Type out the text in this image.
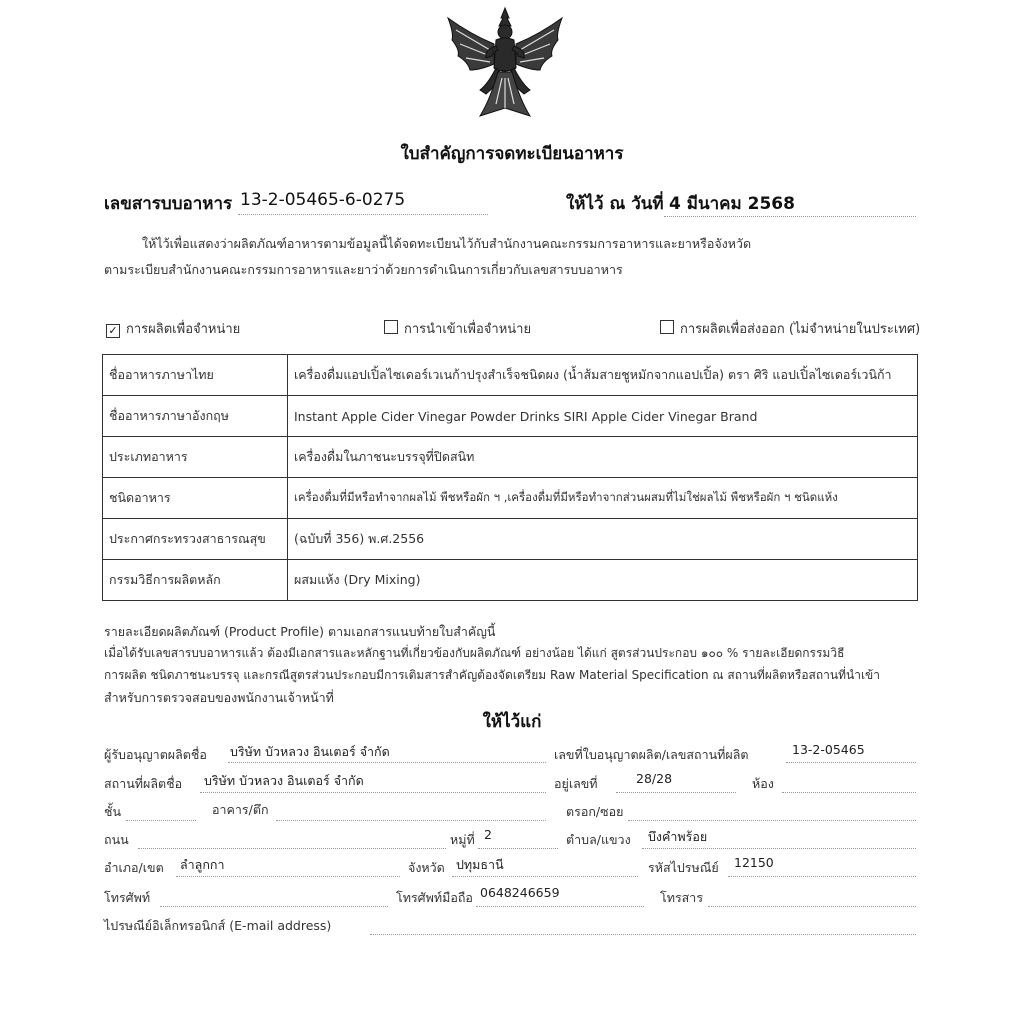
ใบสำคัญการจดทะเบียนอาหาร
เลขสารบบอาหาร 13-2-05465-6-0275	ให้ไว้ ณ วันที่ 4 มีนาคม 2568
ให้ไว้เพื่อแสดงว่าผลิตภัณฑ์อาหารตามข้อมูลนี้ได้จดทะเบียนไว้กับสำนักงานคณะกรรมการอาหารและยาหรือจังหวัด
ตามระเบียบสำนักงานคณะกรรมการอาหารและยาว่าด้วยการดำเนินการเกี่ยวกับเลขสารบบอาหาร
✓ การผลิตเพื่อจำหน่าย	การนำเข้าเพื่อจำหน่าย	การผลิตเพื่อส่งออก (ไม่จำหน่ายในประเทศ)
ชื่ออาหารภาษาไทย	เครื่องดื่มแอปเปิ้ลไซเดอร์เวเนก้าปรุงสำเร็จชนิดผง (น้ำส้มสายชูหมักจากแอปเปิ้ล) ตรา ศิริ แอปเปิ้ลไซเดอร์เวนิก้า
ชื่ออาหารภาษาอังกฤษ	Instant Apple Cider Vinegar Powder Drinks SIRI Apple Cider Vinegar Brand
ประเภทอาหาร	เครื่องดื่มในภาชนะบรรจุที่ปิดสนิท
ชนิดอาหาร	เครื่องดื่มที่มีหรือทำจากผลไม้ พืชหรือผัก ฯ ,เครื่องดื่มที่มีหรือทำจากส่วนผสมที่ไม่ใช่ผลไม้ พืชหรือผัก ฯ ชนิดแห้ง
ประกาศกระทรวงสาธารณสุข	(ฉบับที่ 356) พ.ศ.2556
กรรมวิธีการผลิตหลัก	ผสมแห้ง (Dry Mixing)
รายละเอียดผลิตภัณฑ์ (Product Profile) ตามเอกสารแนบท้ายใบสำคัญนี้
เมื่อได้รับเลขสารบบอาหารแล้ว ต้องมีเอกสารและหลักฐานที่เกี่ยวข้องกับผลิตภัณฑ์ อย่างน้อย ได้แก่ สูตรส่วนประกอบ ๑๐๐ % รายละเอียดกรรมวิธี
การผลิต ชนิดภาชนะบรรจุ และกรณีสูตรส่วนประกอบมีการเติมสารสำคัญต้องจัดเตรียม Raw Material Specification ณ สถานที่ผลิตหรือสถานที่นำเข้า
สำหรับการตรวจสอบของพนักงานเจ้าหน้าที่
ให้ไว้แก่
ผู้รับอนุญาตผลิตชื่อ บริษัท บัวหลวง อินเตอร์ จำกัด	เลขที่ใบอนุญาตผลิต/เลขสถานที่ผลิต	13-2-05465
สถานที่ผลิตชื่อ บริษัท บัวหลวง อินเตอร์ จำกัด	อยู่เลขที่	28/28	ห้อง
ชั้น	อาคาร/ตึก	ตรอก/ซอย
ถนน	หมู่ที่ 2	ตำบล/แขวง บึงคำพร้อย
อำเภอ/เขต ลำลูกกา	จังหวัด ปทุมธานี	รหัสไปรษณีย์ 12150
โทรศัพท์	โทรศัพท์มือถือ 0648246659	โทรสาร
ไปรษณีย์อิเล็กทรอนิกส์ (E-mail address)
